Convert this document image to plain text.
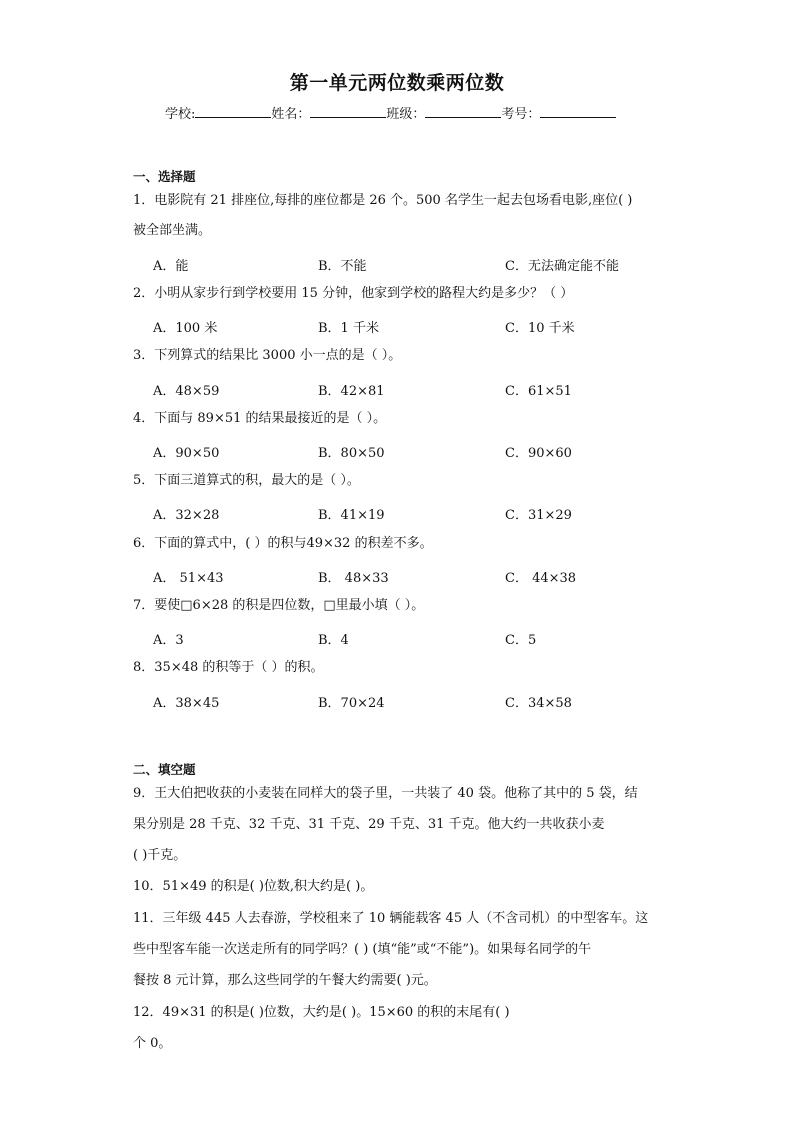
第一单元两位数乘两位数
学校:	姓名：	班级：	考号：
一、选择题
1．电影院有 21 排座位,每排的座位都是 26 个。500 名学生一起去包场看电影,座位( )
被全部坐满。
A．能	B．不能	C．无法确定能不能
2．小明从家步行到学校要用 15 分钟，他家到学校的路程大约是多少？（ ）
A．100 米	B．1 千米	C．10 千米
3．下列算式的结果比 3000 小一点的是（ ）。
A．48×59	B．42×81	C．61×51
4．下面与 89×51 的结果最接近的是（ ）。
A．90×50	B．80×50	C．90×60
5．下面三道算式的积，最大的是（ ）。
A．32×28	B．41×19	C．31×29
6．下面的算式中，( ）的积与49×32 的积差不多。
A． 51×43	B． 48×33	C． 44×38
7．要使□6×28 的积是四位数，□里最小填（ ）。
A．3	B．4	C．5
8．35×48 的积等于（ ）的积。
A．38×45	B．70×24	C．34×58
二、填空题
9．王大伯把收获的小麦装在同样大的袋子里，一共装了 40 袋。他称了其中的 5 袋，结
果分别是 28 千克、32 千克、31 千克、29 千克、31 千克。他大约一共收获小麦
( )千克。
10．51×49 的积是( )位数,积大约是( )。
11．三年级 445 人去春游，学校租来了 10 辆能载客 45 人（不含司机）的中型客车。这
些中型客车能一次送走所有的同学吗？( ) (填“能”或“不能”)。如果每名同学的午
餐按 8 元计算，那么这些同学的午餐大约需要( )元。
12．49×31 的积是( )位数，大约是( )。15×60 的积的末尾有( )
个 0。
